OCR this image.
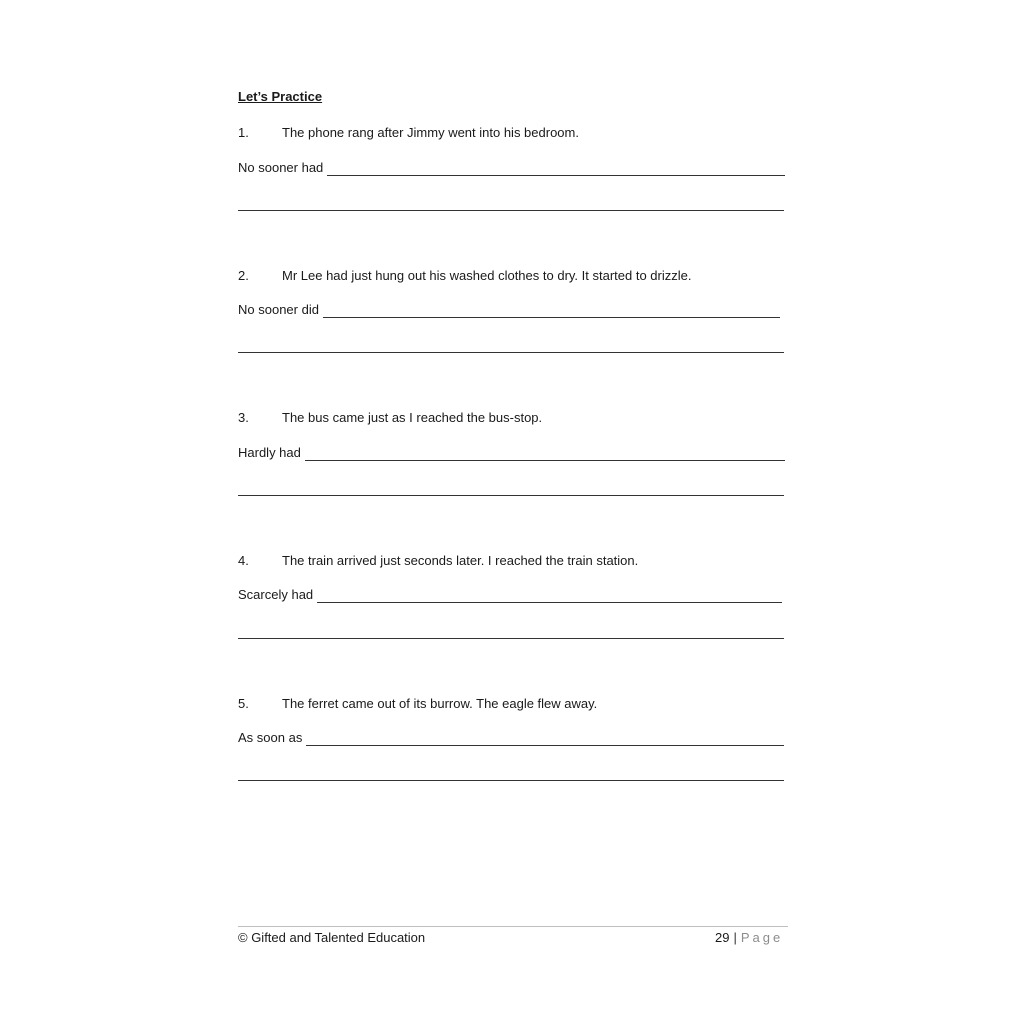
Let’s Practice
1.	The phone rang after Jimmy went into his bedroom.
No sooner had
2.	Mr Lee had just hung out his washed clothes to dry. It started to drizzle.
No sooner did
3.	The bus came just as I reached the bus-stop.
Hardly had
4.	The train arrived just seconds later. I reached the train station.
Scarcely had
5.	The ferret came out of its burrow. The eagle flew away.
As soon as
© Gifted and Talented Education	29 | Page
